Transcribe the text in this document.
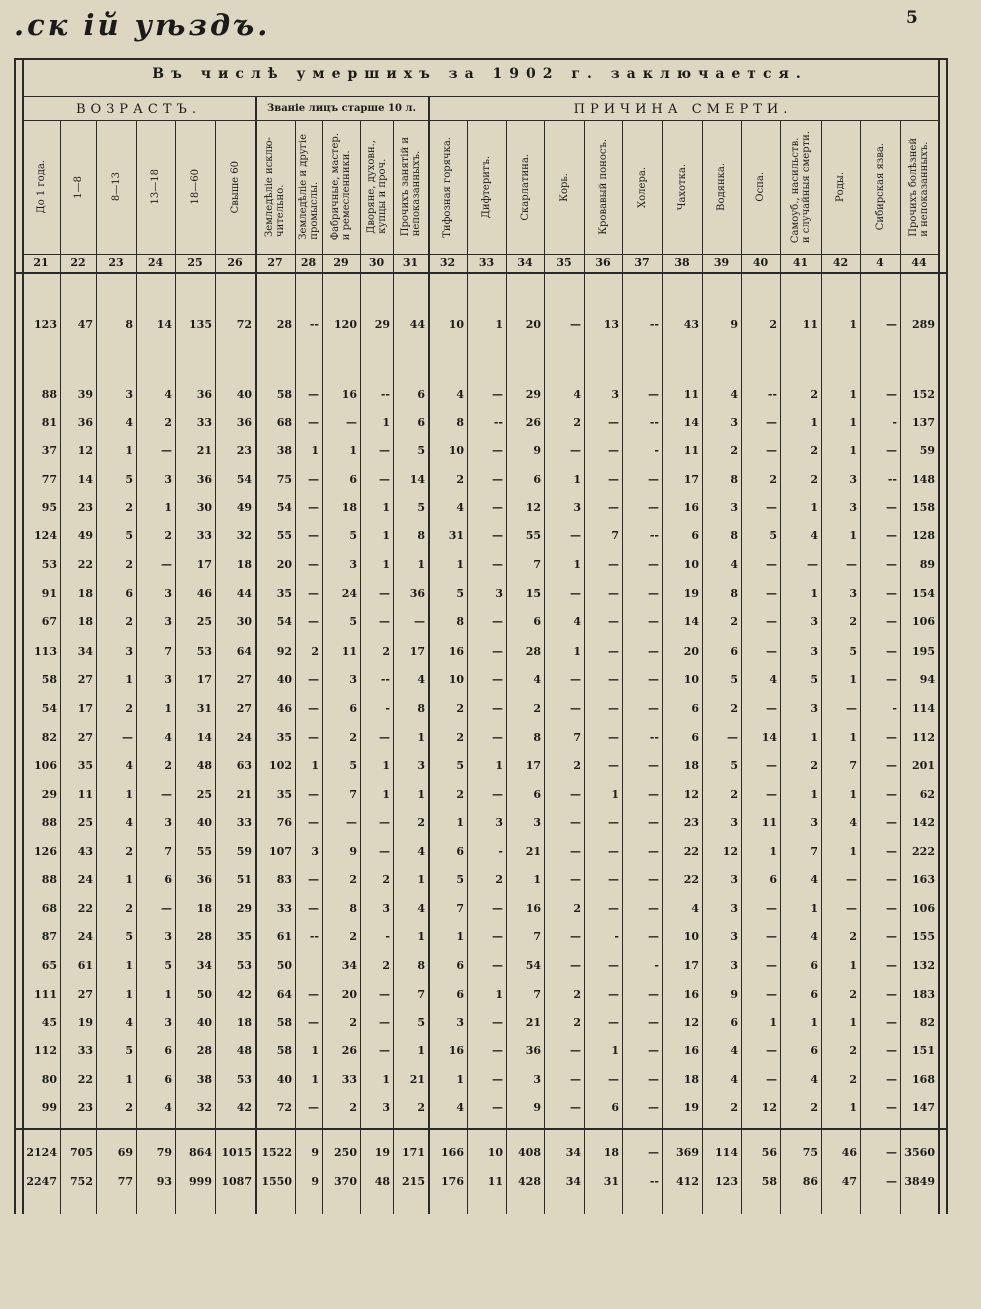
.ск ій уѣздъ.	5
Въ числѣ умершихъ за 1902 г. заключается.
ВОЗРАСТЪ.	Званіе лицъ старше 10 л.	ПРИЧИНА СМЕРТИ.
До 1 года.
21
1—8
22
8—13
23
13—18
24
18—60
25
Свыше 60
26
Земледѣліе исклю-
чительно.
27
Земледѣліе и другіе
промыслы.
28
Фабричные, мастер.
и ремесленники.
29
Дворяне, духовн.,
купцы и проч.
30
Прочихъ занятій и
непоказанныхъ.
31
Тифозная горячка.
32
Дифтеритъ.
33
Скарлатина.
34
Корь.
35
Кровавый поносъ.
36
Холера.
37
Чахотка.
38
Водянка.
39
Оспа.
40
Самоуб., насильств.
и случайныя смерти.
41
Роды.
42
Сибирская язва.
4
Прочихъ болѣзней
и непоказанныхъ.
44
123	47	8	14	135	72	28	--	120	29	44	10	1	20	—	13	--	43	9	2	11	1	—	289
88	39	3	4	36	40	58	—	16	--	6	4	—	29	4	3	—	11	4	--	2	1	—	152
81	36	4	2	33	36	68	—	—	1	6	8	--	26	2	—	--	14	3	—	1	1	-	137
37	12	1	—	21	23	38	1	1	—	5	10	—	9	—	—	-	11	2	—	2	1	—	59
77	14	5	3	36	54	75	—	6	—	14	2	—	6	1	—	—	17	8	2	2	3	--	148
95	23	2	1	30	49	54	—	18	1	5	4	—	12	3	—	—	16	3	—	1	3	—	158
124	49	5	2	33	32	55	—	5	1	8	31	—	55	—	7	--	6	8	5	4	1	—	128
53	22	2	—	17	18	20	—	3	1	1	1	—	7	1	—	—	10	4	—	—	—	—	89
91	18	6	3	46	44	35	—	24	—	36	5	3	15	—	—	—	19	8	—	1	3	—	154
67	18	2	3	25	30	54	—	5	—	—	8	—	6	4	—	—	14	2	—	3	2	—	106
113	34	3	7	53	64	92	2	11	2	17	16	—	28	1	—	—	20	6	—	3	5	—	195
58	27	1	3	17	27	40	—	3	--	4	10	—	4	—	—	—	10	5	4	5	1	—	94
54	17	2	1	31	27	46	—	6	-	8	2	—	2	—	—	—	6	2	—	3	—	-	114
82	27	—	4	14	24	35	—	2	—	1	2	—	8	7	—	--	6	—	14	1	1	—	112
106	35	4	2	48	63	102	1	5	1	3	5	1	17	2	—	—	18	5	—	2	7	—	201
29	11	1	—	25	21	35	—	7	1	1	2	—	6	—	1	—	12	2	—	1	1	—	62
88	25	4	3	40	33	76	—	—	—	2	1	3	3	—	—	—	23	3	11	3	4	—	142
126	43	2	7	55	59	107	3	9	—	4	6	-	21	—	—	—	22	12	1	7	1	—	222
88	24	1	6	36	51	83	—	2	2	1	5	2	1	—	—	—	22	3	6	4	—	—	163
68	22	2	—	18	29	33	—	8	3	4	7	—	16	2	—	—	4	3	—	1	—	—	106
87	24	5	3	28	35	61	--	2	-	1	1	—	7	—	-	—	10	3	—	4	2	—	155
65	61	1	5	34	53	50	34	2	8	6	—	54	—	—	-	17	3	—	6	1	—	132
111	27	1	1	50	42	64	—	20	—	7	6	1	7	2	—	—	16	9	—	6	2	—	183
45	19	4	3	40	18	58	—	2	—	5	3	—	21	2	—	—	12	6	1	1	1	—	82
112	33	5	6	28	48	58	1	26	—	1	16	—	36	—	1	—	16	4	—	6	2	—	151
80	22	1	6	38	53	40	1	33	1	21	1	—	3	—	—	—	18	4	—	4	2	—	168
99	23	2	4	32	42	72	—	2	3	2	4	—	9	—	6	—	19	2	12	2	1	—	147
2124	705	69	79	864 1015 1522	9	250	19	171	166	10	408	34	18	—	369	114	56	75	46	— 3560
2247	752	77	93	999 1087 1550	9	370	48	215	176	11	428	34	31	--	412	123	58	86	47	— 3849
